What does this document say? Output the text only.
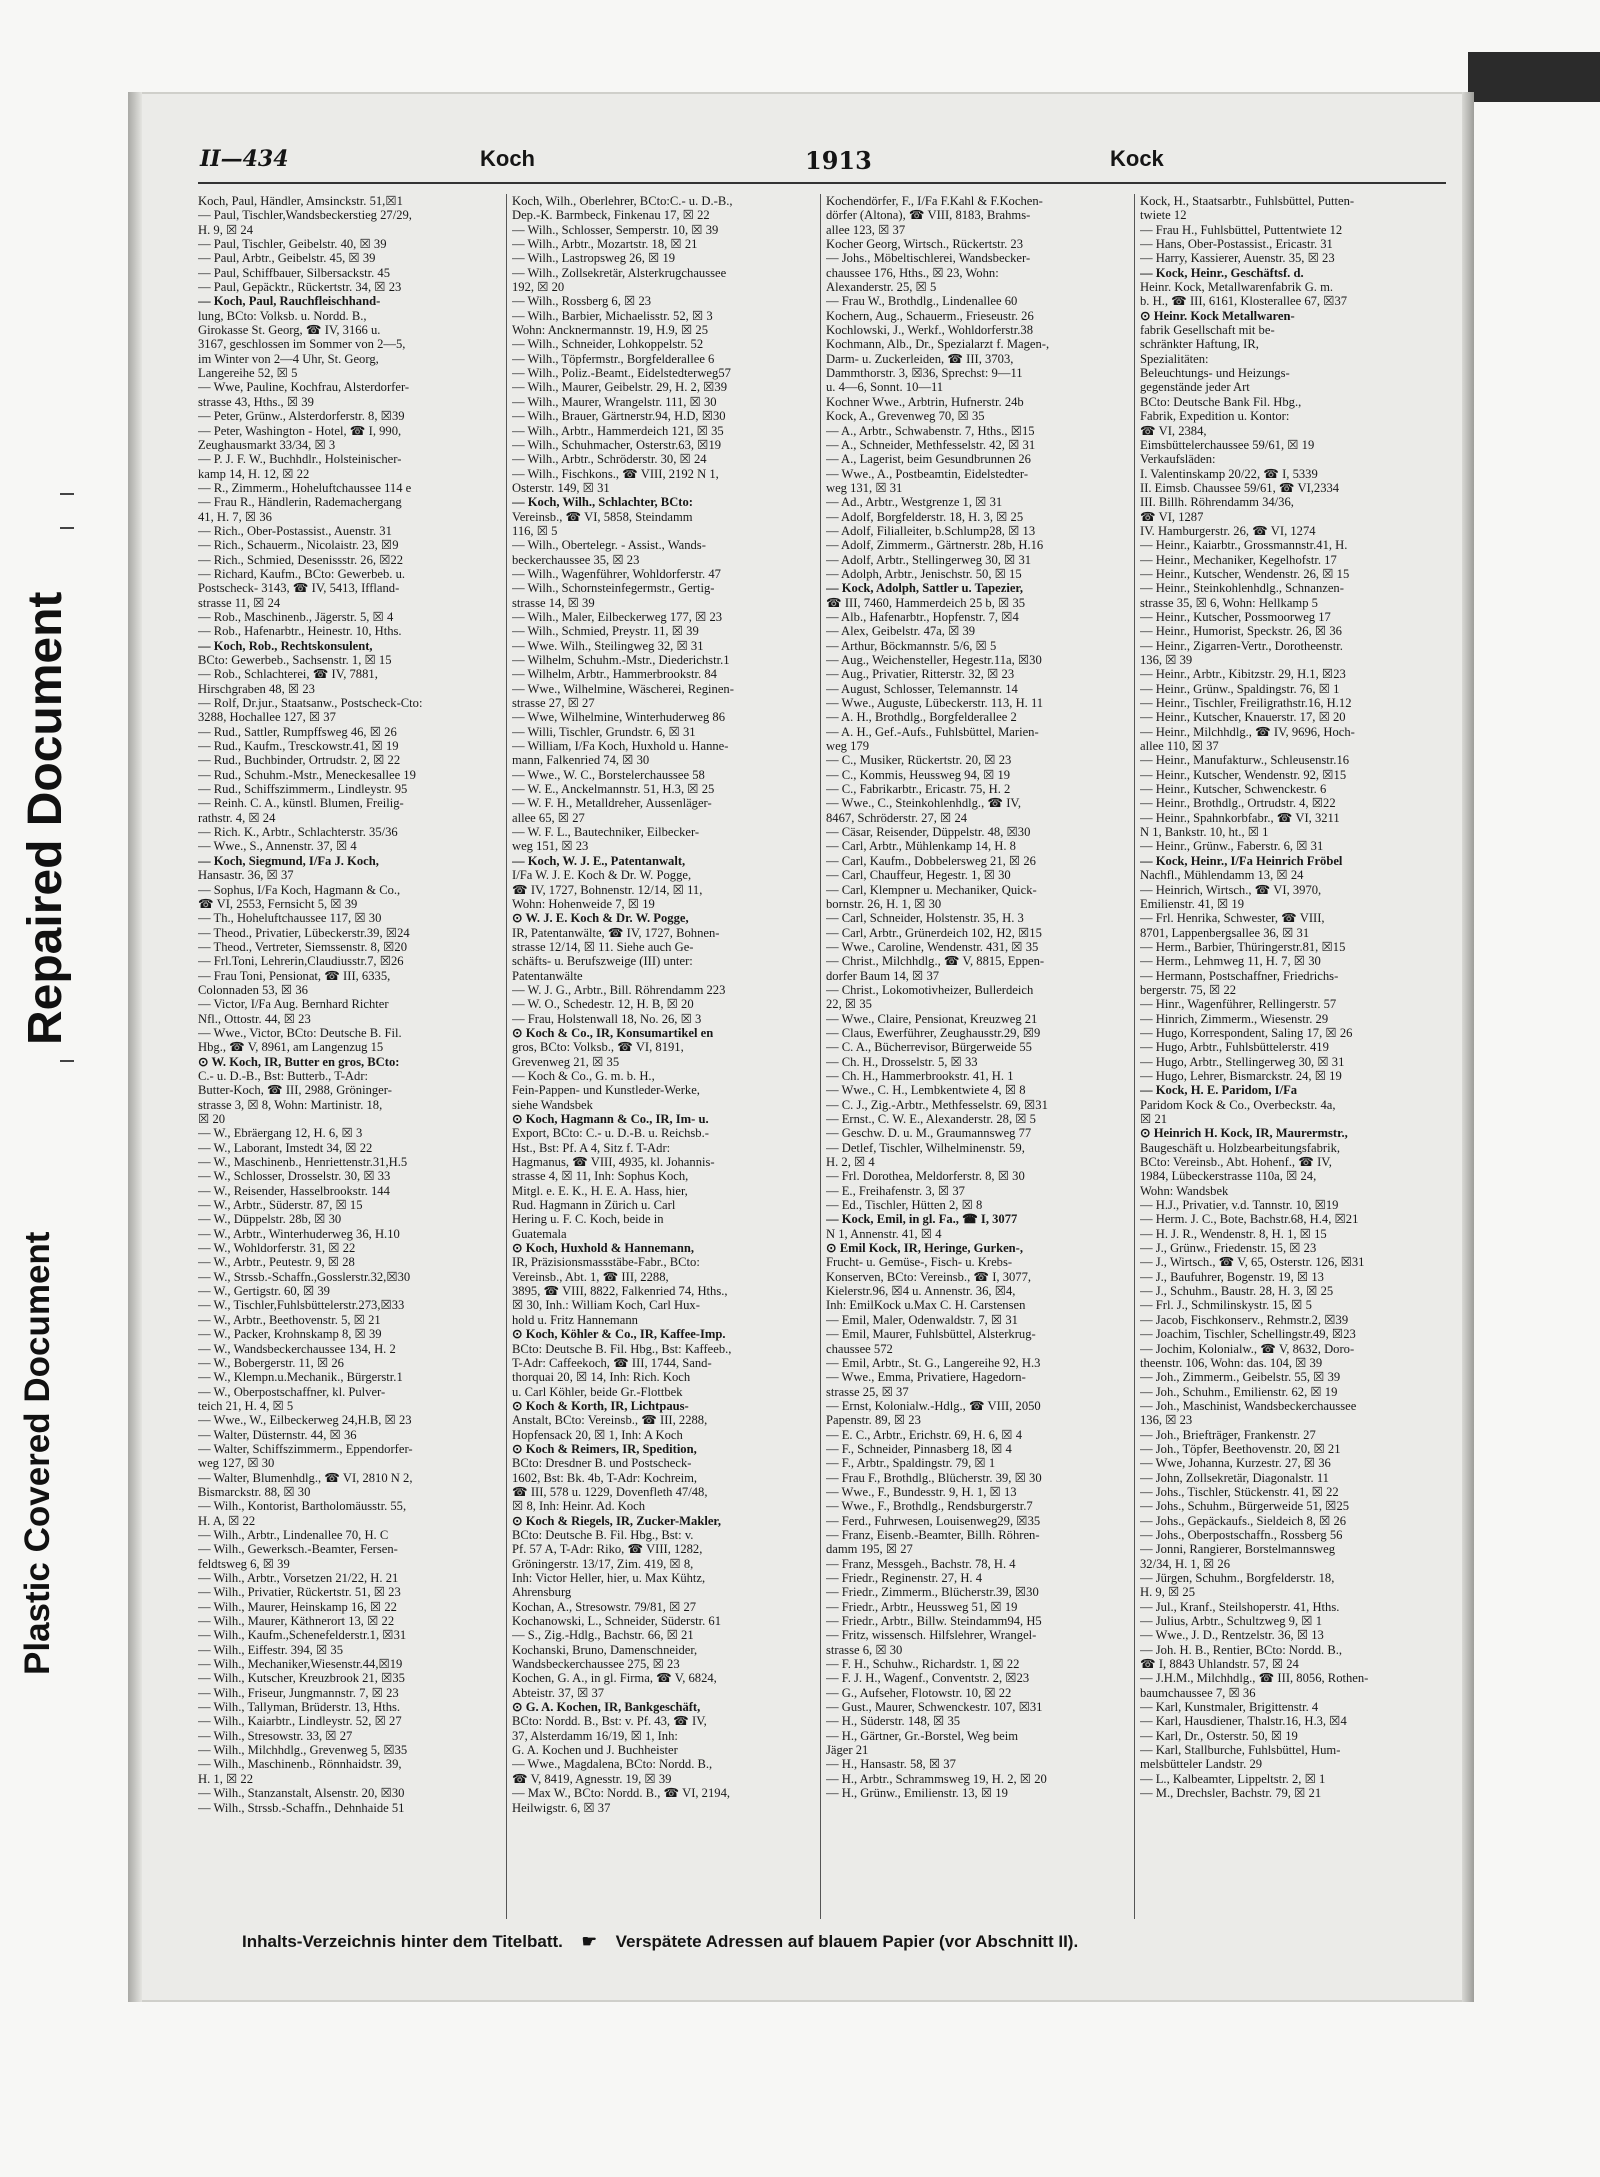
Repaired Document
Plastic Covered Document
II—434	Koch	1913	Kock
Koch, Paul, Händler, Amsinckstr. 51,☒1
— Paul, Tischler,Wandsbeckerstieg 27/29,
H. 9, ☒ 24
— Paul, Tischler, Geibelstr. 40, ☒ 39
— Paul, Arbtr., Geibelstr. 45, ☒ 39
— Paul, Schiffbauer, Silbersackstr. 45
— Paul, Gepäcktr., Rückertstr. 34, ☒ 23
— Koch, Paul, Rauchfleischhand-
lung, BCto: Volksb. u. Nordd. B.,
Girokasse St. Georg, ☎ IV, 3166 u.
3167, geschlossen im Sommer von 2—5,
im Winter von 2—4 Uhr, St. Georg,
Langereihe 52, ☒ 5
— Wwe, Pauline, Kochfrau, Alsterdorfer-
strasse 43, Hths., ☒ 39
— Peter, Grünw., Alsterdorferstr. 8, ☒39
— Peter, Washington - Hotel, ☎ I, 990,
Zeughausmarkt 33/34, ☒ 3
— P. J. F. W., Buchhdlr., Holsteinischer-
kamp 14, H. 12, ☒ 22
— R., Zimmerm., Hoheluftchaussee 114 e
— Frau R., Händlerin, Rademachergang
41, H. 7, ☒ 36
— Rich., Ober-Postassist., Auenstr. 31
— Rich., Schauerm., Nicolaistr. 23, ☒9
— Rich., Schmied, Desenissstr. 26, ☒22
— Richard, Kaufm., BCto: Gewerbeb. u.
Postscheck- 3143, ☎ IV, 5413, Iffland-
strasse 11, ☒ 24
— Rob., Maschinenb., Jägerstr. 5, ☒ 4
— Rob., Hafenarbtr., Heinestr. 10, Hths.
— Koch, Rob., Rechtskonsulent,
BCto: Gewerbeb., Sachsenstr. 1, ☒ 15
— Rob., Schlachterei, ☎ IV, 7881,
Hirschgraben 48, ☒ 23
— Rolf, Dr.jur., Staatsanw., Postscheck-Cto:
3288, Hochallee 127, ☒ 37
— Rud., Sattler, Rumpffsweg 46, ☒ 26
— Rud., Kaufm., Tresckowstr.41, ☒ 19
— Rud., Buchbinder, Ortrudstr. 2, ☒ 22
— Rud., Schuhm.-Mstr., Meneckesallee 19
— Rud., Schiffszimmerm., Lindleystr. 95
— Reinh. C. A., künstl. Blumen, Freilig-
rathstr. 4, ☒ 24
— Rich. K., Arbtr., Schlachterstr. 35/36
— Wwe., S., Annenstr. 37, ☒ 4
— Koch, Siegmund, I/Fa J. Koch,
Hansastr. 36, ☒ 37
— Sophus, I/Fa Koch, Hagmann & Co.,
☎ VI, 2553, Fernsicht 5, ☒ 39
— Th., Hoheluftchaussee 117, ☒ 30
— Theod., Privatier, Lübeckerstr.39, ☒24
— Theod., Vertreter, Siemssenstr. 8, ☒20
— Frl.Toni, Lehrerin,Claudiusstr.7, ☒26
— Frau Toni, Pensionat, ☎ III, 6335,
Colonnaden 53, ☒ 36
— Victor, I/Fa Aug. Bernhard Richter
Nfl., Ottostr. 44, ☒ 23
— Wwe., Victor, BCto: Deutsche B. Fil.
Hbg., ☎ V, 8961, am Langenzug 15
⊙ W. Koch, IR, Butter en gros, BCto:
C.- u. D.-B., Bst: Butterb., T-Adr:
Butter-Koch, ☎ III, 2988, Gröninger-
strasse 3, ☒ 8, Wohn: Martinistr. 18,
☒ 20
— W., Ebräergang 12, H. 6, ☒ 3
— W., Laborant, Imstedt 34, ☒ 22
— W., Maschinenb., Henriettenstr.31,H.5
— W., Schlosser, Drosselstr. 30, ☒ 33
— W., Reisender, Hasselbrookstr. 144
— W., Arbtr., Süderstr. 87, ☒ 15
— W., Düppelstr. 28b, ☒ 30
— W., Arbtr., Winterhuderweg 36, H.10
— W., Wohldorferstr. 31, ☒ 22
— W., Arbtr., Peutestr. 9, ☒ 28
— W., Strssb.-Schaffn.,Gosslerstr.32,☒30
— W., Gertigstr. 60, ☒ 39
— W., Tischler,Fuhlsbüttelerstr.273,☒33
— W., Arbtr., Beethovenstr. 5, ☒ 21
— W., Packer, Krohnskamp 8, ☒ 39
— W., Wandsbeckerchaussee 134, H. 2
— W., Bobergerstr. 11, ☒ 26
— W., Klempn.u.Mechanik., Bürgerstr.1
— W., Oberpostschaffner, kl. Pulver-
teich 21, H. 4, ☒ 5
— Wwe., W., Eilbeckerweg 24,H.B, ☒ 23
— Walter, Düsternstr. 44, ☒ 36
— Walter, Schiffszimmerm., Eppendorfer-
weg 127, ☒ 30
— Walter, Blumenhdlg., ☎ VI, 2810 N 2,
Bismarckstr. 88, ☒ 30
— Wilh., Kontorist, Bartholomäusstr. 55,
H. A, ☒ 22
— Wilh., Arbtr., Lindenallee 70, H. C
— Wilh., Gewerksch.-Beamter, Fersen-
feldtsweg 6, ☒ 39
— Wilh., Arbtr., Vorsetzen 21/22, H. 21
— Wilh., Privatier, Rückertstr. 51, ☒ 23
— Wilh., Maurer, Heinskamp 16, ☒ 22
— Wilh., Maurer, Käthnerort 13, ☒ 22
— Wilh., Kaufm.,Schenefelderstr.1, ☒31
— Wilh., Eiffestr. 394, ☒ 35
— Wilh., Mechaniker,Wiesenstr.44,☒19
— Wilh., Kutscher, Kreuzbrook 21, ☒35
— Wilh., Friseur, Jungmannstr. 7, ☒ 23
— Wilh., Tallyman, Brüderstr. 13, Hths.
— Wilh., Kaiarbtr., Lindleystr. 52, ☒ 27
— Wilh., Stresowstr. 33, ☒ 27
— Wilh., Milchhdlg., Grevenweg 5, ☒35
— Wilh., Maschinenb., Rönnhaidstr. 39,
H. 1, ☒ 22
— Wilh., Stanzanstalt, Alsenstr. 20, ☒30
— Wilh., Strssb.-Schaffn., Dehnhaide 51
Koch, Wilh., Oberlehrer, BCto:C.- u. D.-B.,
Dep.-K. Barmbeck, Finkenau 17, ☒ 22
— Wilh., Schlosser, Semperstr. 10, ☒ 39
— Wilh., Arbtr., Mozartstr. 18, ☒ 21
— Wilh., Lastropsweg 26, ☒ 19
— Wilh., Zollsekretär, Alsterkrugchaussee
192, ☒ 20
— Wilh., Rossberg 6, ☒ 23
— Wilh., Barbier, Michaelisstr. 52, ☒ 3
Wohn: Ancknermannstr. 19, H.9, ☒ 25
— Wilh., Schneider, Lohkoppelstr. 52
— Wilh., Töpfermstr., Borgfelderallee 6
— Wilh., Poliz.-Beamt., Eidelstedterweg57
— Wilh., Maurer, Geibelstr. 29, H. 2, ☒39
— Wilh., Maurer, Wrangelstr. 111, ☒ 30
— Wilh., Brauer, Gärtnerstr.94, H.D, ☒30
— Wilh., Arbtr., Hammerdeich 121, ☒ 35
— Wilh., Schuhmacher, Osterstr.63, ☒19
— Wilh., Arbtr., Schröderstr. 30, ☒ 24
— Wilh., Fischkons., ☎ VIII, 2192 N 1,
Osterstr. 149, ☒ 31
— Koch, Wilh., Schlachter, BCto:
Vereinsb., ☎ VI, 5858, Steindamm
116, ☒ 5
— Wilh., Obertelegr. - Assist., Wands-
beckerchaussee 35, ☒ 23
— Wilh., Wagenführer, Wohldorferstr. 47
— Wilh., Schornsteinfegermstr., Gertig-
strasse 14, ☒ 39
— Wilh., Maler, Eilbeckerweg 177, ☒ 23
— Wilh., Schmied, Preystr. 11, ☒ 39
— Wwe. Wilh., Steilingweg 32, ☒ 31
— Wilhelm, Schuhm.-Mstr., Diederichstr.1
— Wilhelm, Arbtr., Hammerbrookstr. 84
— Wwe., Wilhelmine, Wäscherei, Reginen-
strasse 27, ☒ 27
— Wwe, Wilhelmine, Winterhuderweg 86
— Willi, Tischler, Grundstr. 6, ☒ 31
— William, I/Fa Koch, Huxhold u. Hanne-
mann, Falkenried 74, ☒ 30
— Wwe., W. C., Borstelerchaussee 58
— W. E., Anckelmannstr. 51, H.3, ☒ 25
— W. F. H., Metalldreher, Aussenläger-
allee 65, ☒ 27
— W. F. L., Bautechniker, Eilbecker-
weg 151, ☒ 23
— Koch, W. J. E., Patentanwalt,
I/Fa W. J. E. Koch & Dr. W. Pogge,
☎ IV, 1727, Bohnenstr. 12/14, ☒ 11,
Wohn: Hohenweide 7, ☒ 19
⊙ W. J. E. Koch & Dr. W. Pogge,
IR, Patentanwälte, ☎ IV, 1727, Bohnen-
strasse 12/14, ☒ 11. Siehe auch Ge-
schäfts- u. Berufszweige (III) unter:
Patentanwälte
— W. J. G., Arbtr., Bill. Röhrendamm 223
— W. O., Schedestr. 12, H. B, ☒ 20
— Frau, Holstenwall 18, No. 26, ☒ 3
⊙ Koch & Co., IR, Konsumartikel en
gros, BCto: Volksb., ☎ VI, 8191,
Grevenweg 21, ☒ 35
— Koch & Co., G. m. b. H.,
Fein-Pappen- und Kunstleder-Werke,
siehe Wandsbek
⊙ Koch, Hagmann & Co., IR, Im- u.
Export, BCto: C.- u. D.-B. u. Reichsb.-
Hst., Bst: Pf. A 4, Sitz f. T-Adr:
Hagmanus, ☎ VIII, 4935, kl. Johannis-
strasse 4, ☒ 11, Inh: Sophus Koch,
Mitgl. e. E. K., H. E. A. Hass, hier,
Rud. Hagmann in Zürich u. Carl
Hering u. F. C. Koch, beide in
Guatemala
⊙ Koch, Huxhold & Hannemann,
IR, Präzisionsmassstäbe-Fabr., BCto:
Vereinsb., Abt. 1, ☎ III, 2288,
3895, ☎ VIII, 8822, Falkenried 74, Hths.,
☒ 30, Inh.: William Koch, Carl Hux-
hold u. Fritz Hannemann
⊙ Koch, Köhler & Co., IR, Kaffee-Imp.
BCto: Deutsche B. Fil. Hbg., Bst: Kaffeeb.,
T-Adr: Caffeekoch, ☎ III, 1744, Sand-
thorquai 20, ☒ 14, Inh: Rich. Koch
u. Carl Köhler, beide Gr.-Flottbek
⊙ Koch & Korth, IR, Lichtpaus-
Anstalt, BCto: Vereinsb., ☎ III, 2288,
Hopfensack 20, ☒ 1, Inh: A Koch
⊙ Koch & Reimers, IR, Spedition,
BCto: Dresdner B. und Postscheck-
1602, Bst: Bk. 4b, T-Adr: Kochreim,
☎ III, 578 u. 1229, Dovenfleth 47/48,
☒ 8, Inh: Heinr. Ad. Koch
⊙ Koch & Riegels, IR, Zucker-Makler,
BCto: Deutsche B. Fil. Hbg., Bst: v.
Pf. 57 A, T-Adr: Riko, ☎ VIII, 1282,
Gröningerstr. 13/17, Zim. 419, ☒ 8,
Inh: Victor Heller, hier, u. Max Kühtz,
Ahrensburg
Kochan, A., Stresowstr. 79/81, ☒ 27
Kochanowski, L., Schneider, Süderstr. 61
— S., Zig.-Hdlg., Bachstr. 66, ☒ 21
Kochanski, Bruno, Damenschneider,
Wandsbeckerchaussee 275, ☒ 23
Kochen, G. A., in gl. Firma, ☎ V, 6824,
Abteistr. 37, ☒ 37
⊙ G. A. Kochen, IR, Bankgeschäft,
BCto: Nordd. B., Bst: v. Pf. 43, ☎ IV,
37, Alsterdamm 16/19, ☒ 1, Inh:
G. A. Kochen und J. Buchheister
— Wwe., Magdalena, BCto: Nordd. B.,
☎ V, 8419, Agnesstr. 19, ☒ 39
— Max W., BCto: Nordd. B., ☎ VI, 2194,
Heilwigstr. 6, ☒ 37
Kochendörfer, F., I/Fa F.Kahl & F.Kochen-
dörfer (Altona), ☎ VIII, 8183, Brahms-
allee 123, ☒ 37
Kocher Georg, Wirtsch., Rückertstr. 23
— Johs., Möbeltischlerei, Wandsbecker-
chaussee 176, Hths., ☒ 23, Wohn:
Alexanderstr. 25, ☒ 5
— Frau W., Brothdlg., Lindenallee 60
Kochern, Aug., Schauerm., Frieseustr. 26
Kochlowski, J., Werkf., Wohldorferstr.38
Kochmann, Alb., Dr., Spezialarzt f. Magen-,
Darm- u. Zuckerleiden, ☎ III, 3703,
Dammthorstr. 3, ☒36, Sprechst: 9—11
u. 4—6, Sonnt. 10—11
Kochner Wwe., Arbtrin, Hufnerstr. 24b
Kock, A., Grevenweg 70, ☒ 35
— A., Arbtr., Schwabenstr. 7, Hths., ☒15
— A., Schneider, Methfesselstr. 42, ☒ 31
— A., Lagerist, beim Gesundbrunnen 26
— Wwe., A., Postbeamtin, Eidelstedter-
weg 131, ☒ 31
— Ad., Arbtr., Westgrenze 1, ☒ 31
— Adolf, Borgfelderstr. 18, H. 3, ☒ 25
— Adolf, Filialleiter, b.Schlump28, ☒ 13
— Adolf, Zimmerm., Gärtnerstr. 28b, H.16
— Adolf, Arbtr., Stellingerweg 30, ☒ 31
— Adolph, Arbtr., Jenischstr. 50, ☒ 15
— Kock, Adolph, Sattler u. Tapezier,
☎ III, 7460, Hammerdeich 25 b, ☒ 35
— Alb., Hafenarbtr., Hopfenstr. 7, ☒4
— Alex, Geibelstr. 47a, ☒ 39
— Arthur, Böckmannstr. 5/6, ☒ 5
— Aug., Weichensteller, Hegestr.11a, ☒30
— Aug., Privatier, Ritterstr. 32, ☒ 23
— August, Schlosser, Telemannstr. 14
— Wwe., Auguste, Lübeckerstr. 113, H. 11
— A. H., Brothdlg., Borgfelderallee 2
— A. H., Gef.-Aufs., Fuhlsbüttel, Marien-
weg 179
— C., Musiker, Rückertstr. 20, ☒ 23
— C., Kommis, Heussweg 94, ☒ 19
— C., Fabrikarbtr., Ericastr. 75, H. 2
— Wwe., C., Steinkohlenhdlg., ☎ IV,
8467, Schröderstr. 27, ☒ 24
— Cäsar, Reisender, Düppelstr. 48, ☒30
— Carl, Arbtr., Mühlenkamp 14, H. 8
— Carl, Kaufm., Dobbelersweg 21, ☒ 26
— Carl, Chauffeur, Hegestr. 1, ☒ 30
— Carl, Klempner u. Mechaniker, Quick-
bornstr. 26, H. 1, ☒ 30
— Carl, Schneider, Holstenstr. 35, H. 3
— Carl, Arbtr., Grünerdeich 102, H2, ☒15
— Wwe., Caroline, Wendenstr. 431, ☒ 35
— Christ., Milchhdlg., ☎ V, 8815, Eppen-
dorfer Baum 14, ☒ 37
— Christ., Lokomotivheizer, Bullerdeich
22, ☒ 35
— Wwe., Claire, Pensionat, Kreuzweg 21
— Claus, Ewerführer, Zeughausstr.29, ☒9
— C. A., Bücherrevisor, Bürgerweide 55
— Ch. H., Drosselstr. 5, ☒ 33
— Ch. H., Hammerbrookstr. 41, H. 1
— Wwe., C. H., Lembkentwiete 4, ☒ 8
— C. J., Zig.-Arbtr., Methfesselstr. 69, ☒31
— Ernst., C. W. E., Alexanderstr. 28, ☒ 5
— Geschw. D. u. M., Graumannsweg 77
— Detlef, Tischler, Wilhelminenstr. 59,
H. 2, ☒ 4
— Frl. Dorothea, Meldorferstr. 8, ☒ 30
— E., Freihafenstr. 3, ☒ 37
— Ed., Tischler, Hütten 2, ☒ 8
— Kock, Emil, in gl. Fa., ☎ I, 3077
N 1, Annenstr. 41, ☒ 4
⊙ Emil Kock, IR, Heringe, Gurken-,
Frucht- u. Gemüse-, Fisch- u. Krebs-
Konserven, BCto: Vereinsb., ☎ I, 3077,
Kielerstr.96, ☒4 u. Annenstr. 36, ☒4,
Inh: EmilKock u.Max C. H. Carstensen
— Emil, Maler, Odenwaldstr. 7, ☒ 31
— Emil, Maurer, Fuhlsbüttel, Alsterkrug-
chaussee 572
— Emil, Arbtr., St. G., Langereihe 92, H.3
— Wwe., Emma, Privatiere, Hagedorn-
strasse 25, ☒ 37
— Ernst, Kolonialw.-Hdlg., ☎ VIII, 2050
Papenstr. 89, ☒ 23
— E. C., Arbtr., Erichstr. 69, H. 6, ☒ 4
— F., Schneider, Pinnasberg 18, ☒ 4
— F., Arbtr., Spaldingstr. 79, ☒ 1
— Frau F., Brothdlg., Blücherstr. 39, ☒ 30
— Wwe., F., Bundesstr. 9, H. 1, ☒ 13
— Wwe., F., Brothdlg., Rendsburgerstr.7
— Ferd., Fuhrwesen, Louisenweg29, ☒35
— Franz, Eisenb.-Beamter, Billh. Röhren-
damm 195, ☒ 27
— Franz, Messgeh., Bachstr. 78, H. 4
— Friedr., Reginenstr. 27, H. 4
— Friedr., Zimmerm., Blücherstr.39, ☒30
— Friedr., Arbtr., Heussweg 51, ☒ 19
— Friedr., Arbtr., Billw. Steindamm94, H5
— Fritz, wissensch. Hilfslehrer, Wrangel-
strasse 6, ☒ 30
— F. H., Schuhw., Richardstr. 1, ☒ 22
— F. J. H., Wagenf., Conventstr. 2, ☒23
— G., Aufseher, Flotowstr. 10, ☒ 22
— Gust., Maurer, Schwenckestr. 107, ☒31
— H., Süderstr. 148, ☒ 35
— H., Gärtner, Gr.-Borstel, Weg beim
Jäger 21
— H., Hansastr. 58, ☒ 37
— H., Arbtr., Schrammsweg 19, H. 2, ☒ 20
— H., Grünw., Emilienstr. 13, ☒ 19
Kock, H., Staatsarbtr., Fuhlsbüttel, Putten-
twiete 12
— Frau H., Fuhlsbüttel, Puttentwiete 12
— Hans, Ober-Postassist., Ericastr. 31
— Harry, Kassierer, Auenstr. 35, ☒ 23
— Kock, Heinr., Geschäftsf. d.
Heinr. Kock, Metallwarenfabrik G. m.
b. H., ☎ III, 6161, Klosterallee 67, ☒37
⊙ Heinr. Kock Metallwaren-
fabrik Gesellschaft mit be-
schränkter Haftung, IR,
Spezialitäten:
Beleuchtungs- und Heizungs-
gegenstände jeder Art
BCto: Deutsche Bank Fil. Hbg.,
Fabrik, Expedition u. Kontor:
☎ VI, 2384,
Eimsbüttelerchaussee 59/61, ☒ 19
Verkaufsläden:
I. Valentinskamp 20/22, ☎ I, 5339
II. Eimsb. Chaussee 59/61, ☎ VI,2334
III. Billh. Röhrendamm 34/36,
☎ VI, 1287
IV. Hamburgerstr. 26, ☎ VI, 1274
— Heinr., Kaiarbtr., Grossmannstr.41, H.
— Heinr., Mechaniker, Kegelhofstr. 17
— Heinr., Kutscher, Wendenstr. 26, ☒ 15
— Heinr., Steinkohlenhdlg., Schnanzen-
strasse 35, ☒ 6, Wohn: Hellkamp 5
— Heinr., Kutscher, Possmoorweg 17
— Heinr., Humorist, Speckstr. 26, ☒ 36
— Heinr., Zigarren-Vertr., Dorotheenstr.
136, ☒ 39
— Heinr., Arbtr., Kibitzstr. 29, H.1, ☒23
— Heinr., Grünw., Spaldingstr. 76, ☒ 1
— Heinr., Tischler, Freiligrathstr.16, H.12
— Heinr., Kutscher, Knauerstr. 17, ☒ 20
— Heinr., Milchhdlg., ☎ IV, 9696, Hoch-
allee 110, ☒ 37
— Heinr., Manufakturw., Schleusenstr.16
— Heinr., Kutscher, Wendenstr. 92, ☒15
— Heinr., Kutscher, Schwenckestr. 6
— Heinr., Brothdlg., Ortrudstr. 4, ☒22
— Heinr., Spahnkorbfabr., ☎ VI, 3211
N 1, Bankstr. 10, ht., ☒ 1
— Heinr., Grünw., Faberstr. 6, ☒ 31
— Kock, Heinr., I/Fa Heinrich Fröbel
Nachfl., Mühlendamm 13, ☒ 24
— Heinrich, Wirtsch., ☎ VI, 3970,
Emilienstr. 41, ☒ 19
— Frl. Henrika, Schwester, ☎ VIII,
8701, Lappenbergsallee 36, ☒ 31
— Herm., Barbier, Thüringerstr.81, ☒15
— Herm., Lehmweg 11, H. 7, ☒ 30
— Hermann, Postschaffner, Friedrichs-
bergerstr. 75, ☒ 22
— Hinr., Wagenführer, Rellingerstr. 57
— Hinrich, Zimmerm., Wiesenstr. 29
— Hugo, Korrespondent, Saling 17, ☒ 26
— Hugo, Arbtr., Fuhlsbüttelerstr. 419
— Hugo, Arbtr., Stellingerweg 30, ☒ 31
— Hugo, Lehrer, Bismarckstr. 24, ☒ 19
— Kock, H. E. Paridom, I/Fa
Paridom Kock & Co., Overbeckstr. 4a,
☒ 21
⊙ Heinrich H. Kock, IR, Maurermstr.,
Baugeschäft u. Holzbearbeitungsfabrik,
BCto: Vereinsb., Abt. Hohenf., ☎ IV,
1984, Lübeckerstrasse 110a, ☒ 24,
Wohn: Wandsbek
— H.J., Privatier, v.d. Tannstr. 10, ☒19
— Herm. J. C., Bote, Bachstr.68, H.4, ☒21
— H. J. R., Wendenstr. 8, H. 1, ☒ 15
— J., Grünw., Friedenstr. 15, ☒ 23
— J., Wirtsch., ☎ V, 65, Osterstr. 126, ☒31
— J., Baufuhrer, Bogenstr. 19, ☒ 13
— J., Schuhm., Baustr. 28, H. 3, ☒ 25
— Frl. J., Schmilinskystr. 15, ☒ 5
— Jacob, Fischkonserv., Rehmstr.2, ☒39
— Joachim, Tischler, Schellingstr.49, ☒23
— Jochim, Kolonialw., ☎ V, 8632, Doro-
theenstr. 106, Wohn: das. 104, ☒ 39
— Joh., Zimmerm., Geibelstr. 55, ☒ 39
— Joh., Schuhm., Emilienstr. 62, ☒ 19
— Joh., Maschinist, Wandsbeckerchaussee
136, ☒ 23
— Joh., Briefträger, Frankenstr. 27
— Joh., Töpfer, Beethovenstr. 20, ☒ 21
— Wwe, Johanna, Kurzestr. 27, ☒ 36
— John, Zollsekretär, Diagonalstr. 11
— Johs., Tischler, Stückenstr. 41, ☒ 22
— Johs., Schuhm., Bürgerweide 51, ☒25
— Johs., Gepäckaufs., Sieldeich 8, ☒ 26
— Johs., Oberpostschaffn., Rossberg 56
— Jonni, Rangierer, Borstelmannsweg
32/34, H. 1, ☒ 26
— Jürgen, Schuhm., Borgfelderstr. 18,
H. 9, ☒ 25
— Jul., Kranf., Steilshoperstr. 41, Hths.
— Julius, Arbtr., Schultzweg 9, ☒ 1
— Wwe., J. D., Rentzelstr. 36, ☒ 13
— Joh. H. B., Rentier, BCto: Nordd. B.,
☎ I, 8843 Uhlandstr. 57, ☒ 24
— J.H.M., Milchhdlg., ☎ III, 8056, Rothen-
baumchaussee 7, ☒ 36
— Karl, Kunstmaler, Brigittenstr. 4
— Karl, Hausdiener, Thalstr.16, H.3, ☒4
— Karl, Dr., Osterstr. 50, ☒ 19
— Karl, Stallburche, Fuhlsbüttel, Hum-
melsbütteler Landstr. 29
— L., Kalbeamter, Lippeltstr. 2, ☒ 1
— M., Drechsler, Bachstr. 79, ☒ 21
Inhalts-Verzeichnis hinter dem Titelbatt. ☛ Verspätete Adressen auf blauem Papier (vor Abschnitt II).
